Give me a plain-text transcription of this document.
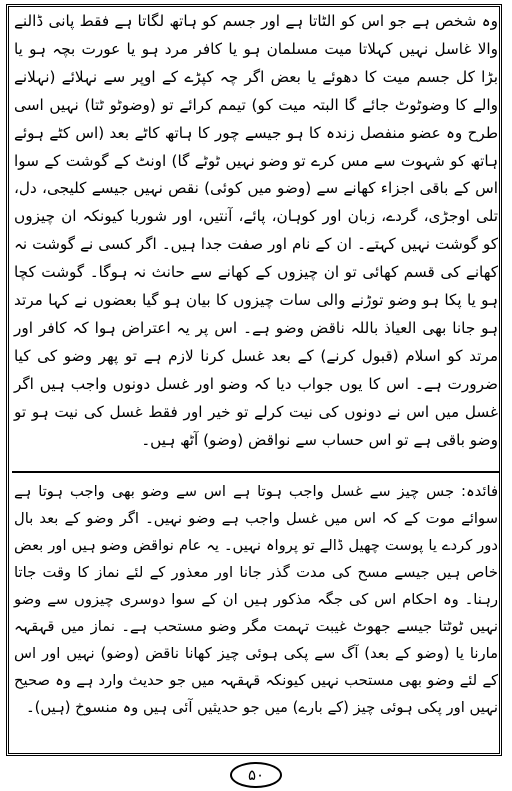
وہ شخص ہے جو اس کو الٹاتا ہے اور جسم کو ہاتھ لگاتا ہے فقط پانی ڈالنے والا غاسل نہیں کہلاتا میت مسلمان ہو یا کافر مرد ہو یا عورت بچہ ہو یا بڑا کل جسم میت کا دھوئے یا بعض اگر چہ کپڑے کے اوپر سے نہلائے (نہلانے والے کا وضوٹوٹ جائے گا البتہ میت کو) تیمم کرائے تو (وضوٹو ٹتا) نہیں اسی طرح وہ عضو منفصل زندہ کا ہو جیسے چور کا ہاتھ کاٹے بعد (اس کٹے ہوئے ہاتھ کو شہوت سے مس کرے تو وضو نہیں ٹوٹے گا) اونٹ کے گوشت کے سوا اس کے باقی اجزاء کھانے سے (وضو میں کوئی) نقص نہیں جیسے کلیجی، دل، تلی اوجڑی، گردے، زبان اور کوہان، پائے، آنتیں، اور شوربا کیونکہ ان چیزوں کو گوشت نہیں کہتے۔ ان کے نام اور صفت جدا ہیں۔ اگر کسی نے گوشت نہ کھانے کی قسم کھائی تو ان چیزوں کے کھانے سے حانث نہ ہوگا۔ گوشت کچا ہو یا پکا ہو وضو توڑنے والی سات چیزوں کا بیان ہو گیا بعضوں نے کہا مرتد ہو جانا بھی العیاذ باللہ ناقض وضو ہے۔ اس پر یہ اعتراض ہوا کہ کافر اور مرتد کو اسلام (قبول کرنے) کے بعد غسل کرنا لازم ہے تو پھر وضو کی کیا ضرورت ہے۔ اس کا یوں جواب دیا کہ وضو اور غسل دونوں واجب ہیں اگر غسل میں اس نے دونوں کی نیت کرلے تو خیر اور فقط غسل کی نیت ہو تو وضو باقی ہے تو اس حساب سے نواقض (وضو) آٹھ ہیں۔

فائدہ: جس چیز سے غسل واجب ہوتا ہے اس سے وضو بھی واجب ہوتا ہے سوائے موت کے کہ اس میں غسل واجب ہے وضو نہیں۔ اگر وضو کے بعد بال دور کردے یا پوست چھیل ڈالے تو پرواہ نہیں۔ یہ عام نواقض وضو ہیں اور بعض خاص ہیں جیسے مسح کی مدت گذر جانا اور معذور کے لئے نماز کا وقت جاتا رہنا۔ وہ احکام اس کی جگہ مذکور ہیں ان کے سوا دوسری چیزوں سے وضو نہیں ٹوٹتا جیسے جھوٹ غیبت تہمت مگر وضو مستحب ہے۔ نماز میں قہقہہ مارنا یا (وضو کے بعد) آگ سے پکی ہوئی چیز کھانا ناقض (وضو) نہیں اور اس کے لئے وضو بھی مستحب نہیں کیونکہ قہقہہ میں جو حدیث وارد ہے وہ صحیح نہیں اور پکی ہوئی چیز (کے بارے) میں جو حدیثیں آئی ہیں وہ منسوخ (ہیں)۔

۵۰
